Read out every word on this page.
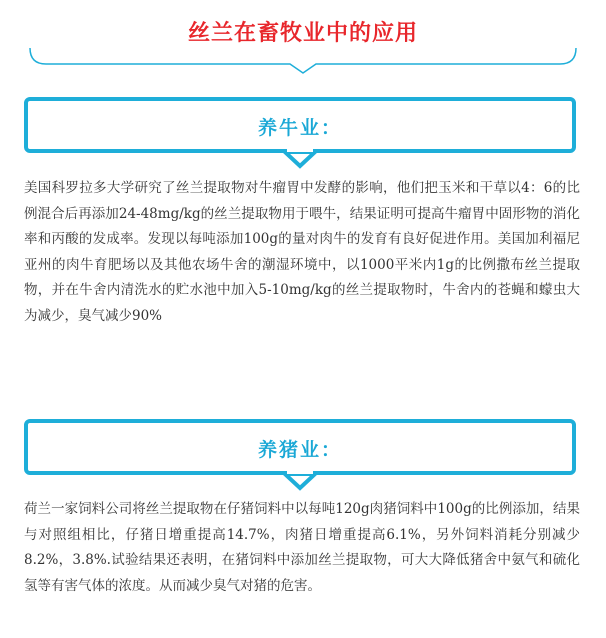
丝兰在畜牧业中的应用
养牛业：

美国科罗拉多大学研究了丝兰提取物对牛瘤胃中发酵的影响，他们把玉米和干草以4：6的比例混合后再添加24-48mg/kg的丝兰提取物用于喂牛，结果证明可提高牛瘤胃中固形物的消化率和丙酸的发成率。发现以每吨添加100g的量对肉牛的发育有良好促进作用。美国加利福尼亚州的肉牛育肥场以及其他农场牛舍的潮湿环境中，以1000平米内1g的比例撒布丝兰提取物，并在牛舍内清洗水的贮水池中加入5-10mg/kg的丝兰提取物时，牛舍内的苍蝇和蠓虫大为减少，臭气减少90%

养猪业：

荷兰一家饲料公司将丝兰提取物在仔猪饲料中以每吨120g肉猪饲料中100g的比例添加，结果与对照组相比，仔猪日增重提高14.7%，肉猪日增重提高6.1%，另外饲料消耗分别减少8.2%，3.8%.试验结果还表明，在猪饲料中添加丝兰提取物，可大大降低猪舍中氨气和硫化氢等有害气体的浓度。从而减少臭气对猪的危害。
